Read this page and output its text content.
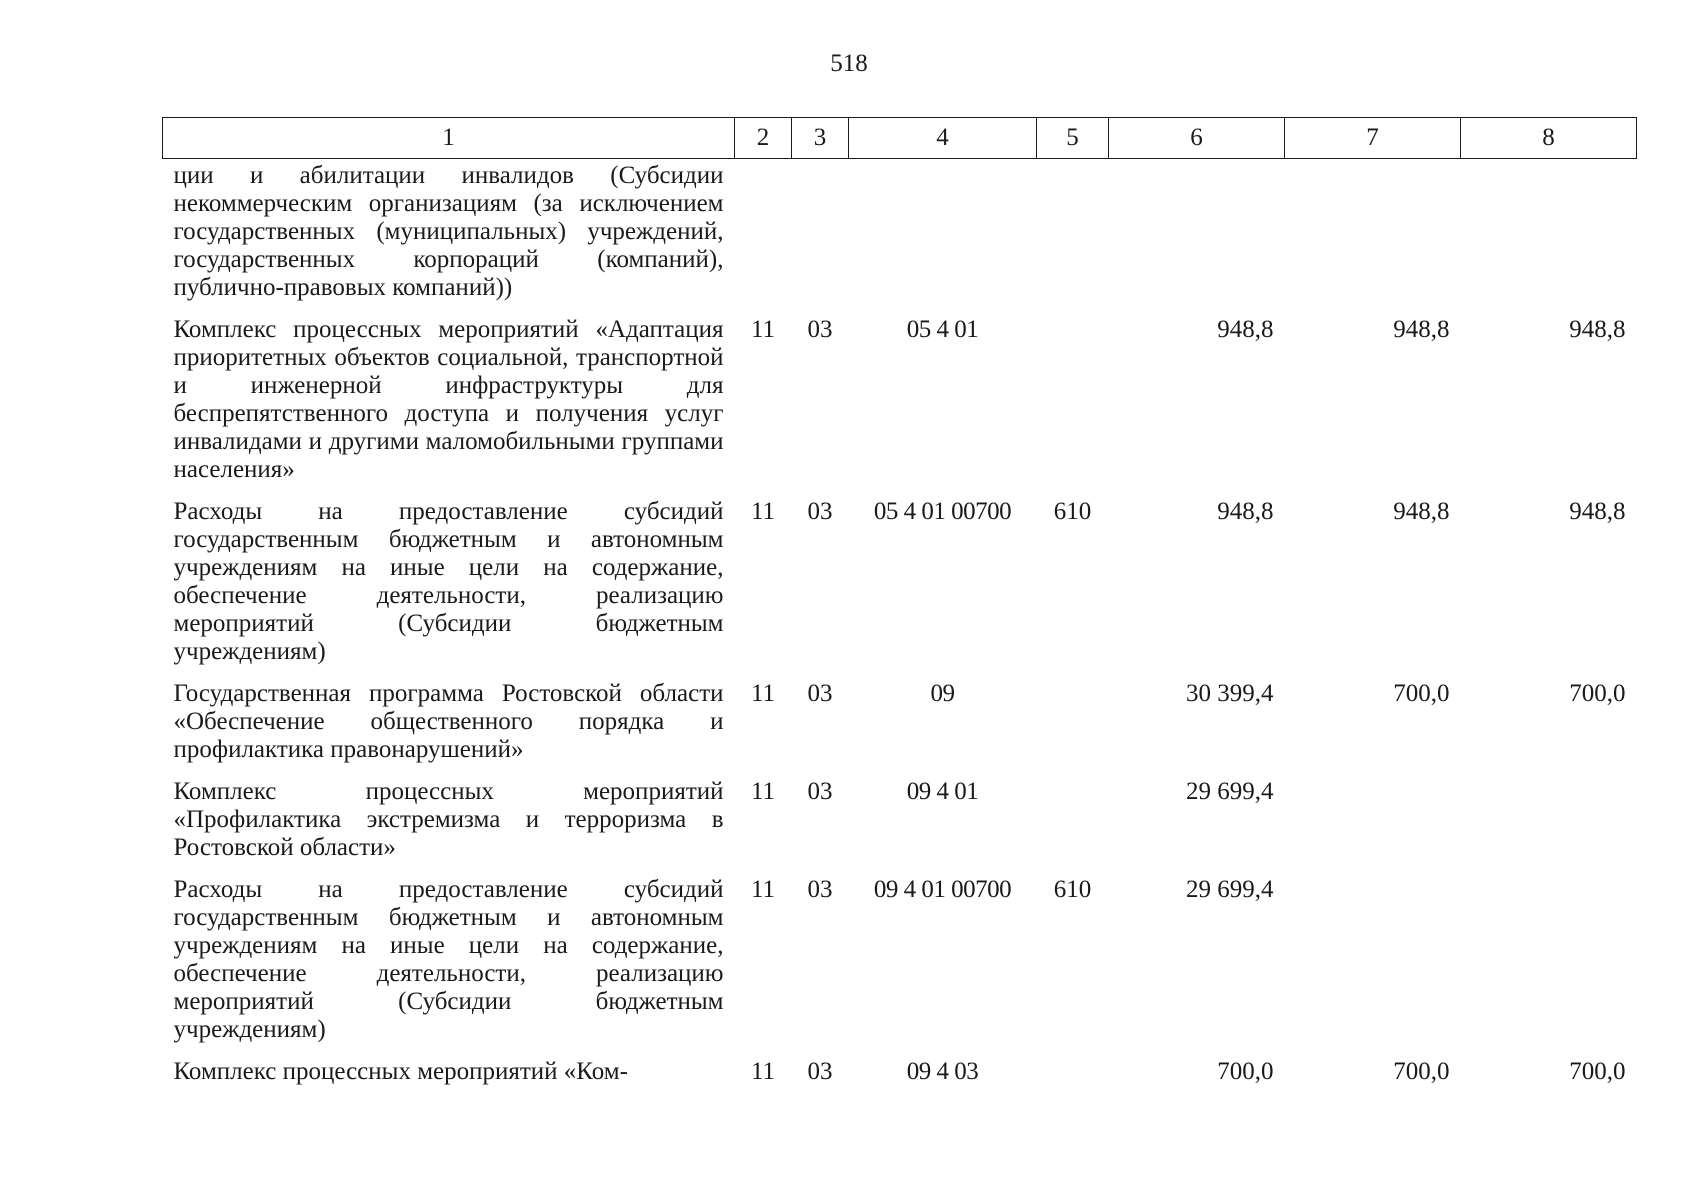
518
1	2	3	4	5	6	7	8
ции и абилитации инвалидов (Субсидии некоммерческим организациям (за исключением государственных (муниципальных) учреждений, государственных корпораций (компаний), публично-правовых компаний))							
Комплекс процессных мероприятий «Адаптация приоритетных объектов социальной, транспортной и инженерной инфраструктуры для беспрепятственного доступа и получения услуг инвалидами и другими маломобильными группами населения»	11	03	05 4 01		948,8	948,8	948,8
Расходы на предоставление субсидий государственным бюджетным и автономным учреждениям на иные цели на содержание, обеспечение деятельности, реализацию мероприятий (Субсидии бюджетным учреждениям)	11	03	05 4 01 00700	610	948,8	948,8	948,8
Государственная программа Ростовской области «Обеспечение общественного порядка и профилактика правонарушений»	11	03	09		30 399,4	700,0	700,0
Комплекс процессных мероприятий «Профилактика экстремизма и терроризма в Ростовской области»	11	03	09 4 01		29 699,4		
Расходы на предоставление субсидий государственным бюджетным и автономным учреждениям на иные цели на содержание, обеспечение деятельности, реализацию мероприятий (Субсидии бюджетным учреждениям)	11	03	09 4 01 00700	610	29 699,4		
Комплекс процессных мероприятий «Ком-	11	03	09 4 03		700,0	700,0	700,0
